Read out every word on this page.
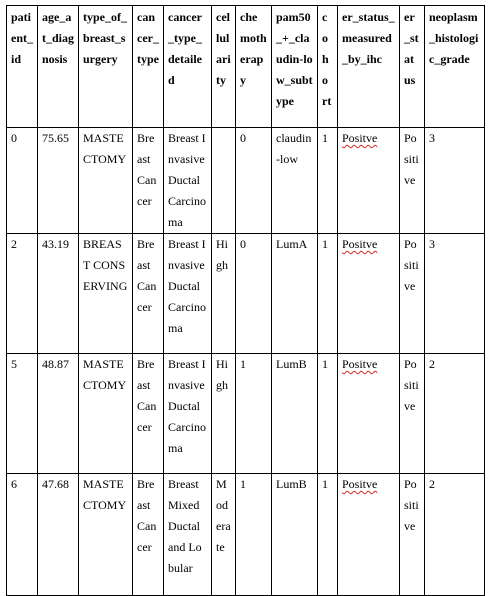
patient_id	age_at_diagnosis	type_of_breast_surgery	cancer_type	cancer_type_detailed	cellularity	chemotherapy	pam50_+_claudin-low_subtype	cohort	er_status_measured_by_ihc	er_status	neoplasm_histologic_grade
0	75.65	MASTECTOMY	Breast Cancer	Breast Invasive Ductal Carcinoma		0	claudin-low	1	Positve	Positive	3
2	43.19	BREAST CONSERVING	Breast Cancer	Breast Invasive Ductal Carcinoma	High	0	LumA	1	Positve	Positive	3
5	48.87	MASTECTOMY	Breast Cancer	Breast Invasive Ductal Carcinoma	High	1	LumB	1	Positve	Positive	2
6	47.68	MASTECTOMY	Breast Cancer	Breast Mixed Ductal and Lobular	Moderate	1	LumB	1	Positve	Positive	2
